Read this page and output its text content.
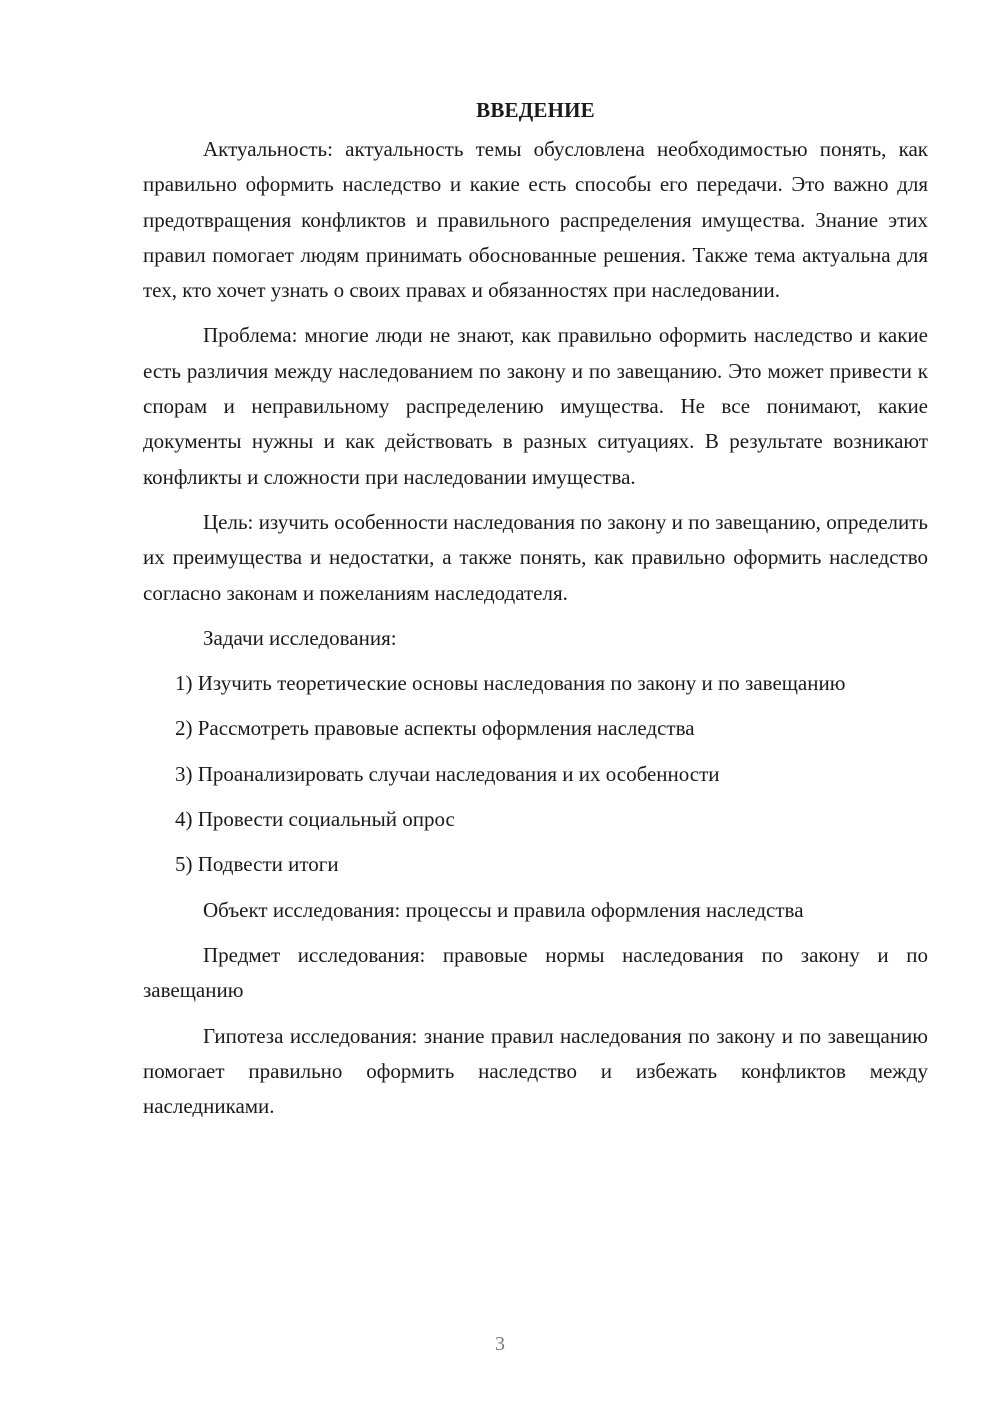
ВВЕДЕНИЕ

Актуальность: актуальность темы обусловлена необходимостью понять, как правильно оформить наследство и какие есть способы его передачи. Это важно для предотвращения конфликтов и правильного распределения имущества. Знание этих правил помогает людям принимать обоснованные решения. Также тема актуальна для тех, кто хочет узнать о своих правах и обязанностях при наследовании.

Проблема: многие люди не знают, как правильно оформить наследство и какие есть различия между наследованием по закону и по завещанию. Это может привести к спорам и неправильному распределению имущества. Не все понимают, какие документы нужны и как действовать в разных ситуациях. В результате возникают конфликты и сложности при наследовании имущества.

Цель: изучить особенности наследования по закону и по завещанию, определить их преимущества и недостатки, а также понять, как правильно оформить наследство согласно законам и пожеланиям наследодателя.

Задачи исследования:

1) Изучить теоретические основы наследования по закону и по завещанию

2) Рассмотреть правовые аспекты оформления наследства

3) Проанализировать случаи наследования и их особенности

4) Провести социальный опрос

5) Подвести итоги

Объект исследования: процессы и правила оформления наследства

Предмет исследования: правовые нормы наследования по закону и по завещанию

Гипотеза исследования: знание правил наследования по закону и по завещанию помогает правильно оформить наследство и избежать конфликтов между наследниками.

3
